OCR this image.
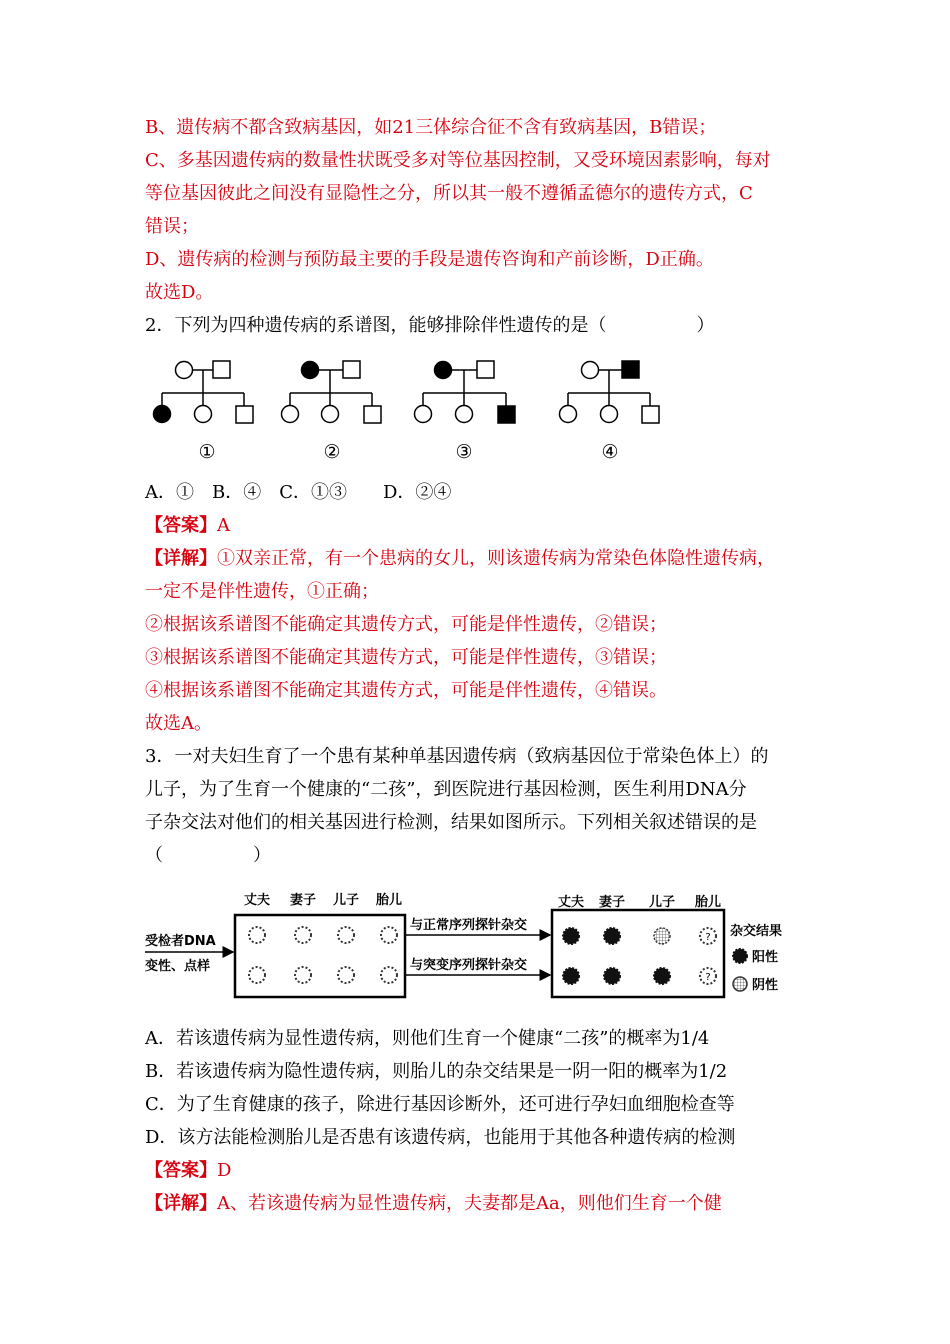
B、遗传病不都含致病基因，如21三体综合征不含有致病基因，B错误；
C、多基因遗传病的数量性状既受多对等位基因控制，又受环境因素影响，每对
等位基因彼此之间没有显隐性之分，所以其一般不遵循孟德尔的遗传方式，C
错误；
D、遗传病的检测与预防最主要的手段是遗传咨询和产前诊断，D正确。
故选D。
2．下列为四种遗传病的系谱图，能够排除伴性遗传的是（　　　　　）
①	②	③	④
A．①　B．④　C．①③　　D．②④
【答案】A
【详解】①双亲正常，有一个患病的女儿，则该遗传病为常染色体隐性遗传病，
一定不是伴性遗传，①正确；
②根据该系谱图不能确定其遗传方式，可能是伴性遗传，②错误；
③根据该系谱图不能确定其遗传方式，可能是伴性遗传，③错误；
④根据该系谱图不能确定其遗传方式，可能是伴性遗传，④错误。
故选A。
3．一对夫妇生育了一个患有某种单基因遗传病（致病基因位于常染色体上）的
儿子，为了生育一个健康的“二孩”，到医院进行基因检测，医生利用DNA分
子杂交法对他们的相关基因进行检测，结果如图所示。下列相关叙述错误的是
（　　　　　）
受检者DNA
变性、点样
丈夫 妻子 儿子 胎儿
与正常序列探针杂交
与突变序列探针杂交
丈夫 妻子 儿子 胎儿
?
?
杂交结果
阳性
阴性
A．若该遗传病为显性遗传病，则他们生育一个健康“二孩”的概率为1/4
B．若该遗传病为隐性遗传病，则胎儿的杂交结果是一阴一阳的概率为1/2
C．为了生育健康的孩子，除进行基因诊断外，还可进行孕妇血细胞检查等
D．该方法能检测胎儿是否患有该遗传病，也能用于其他各种遗传病的检测
【答案】D
【详解】A、若该遗传病为显性遗传病，夫妻都是Aa，则他们生育一个健
